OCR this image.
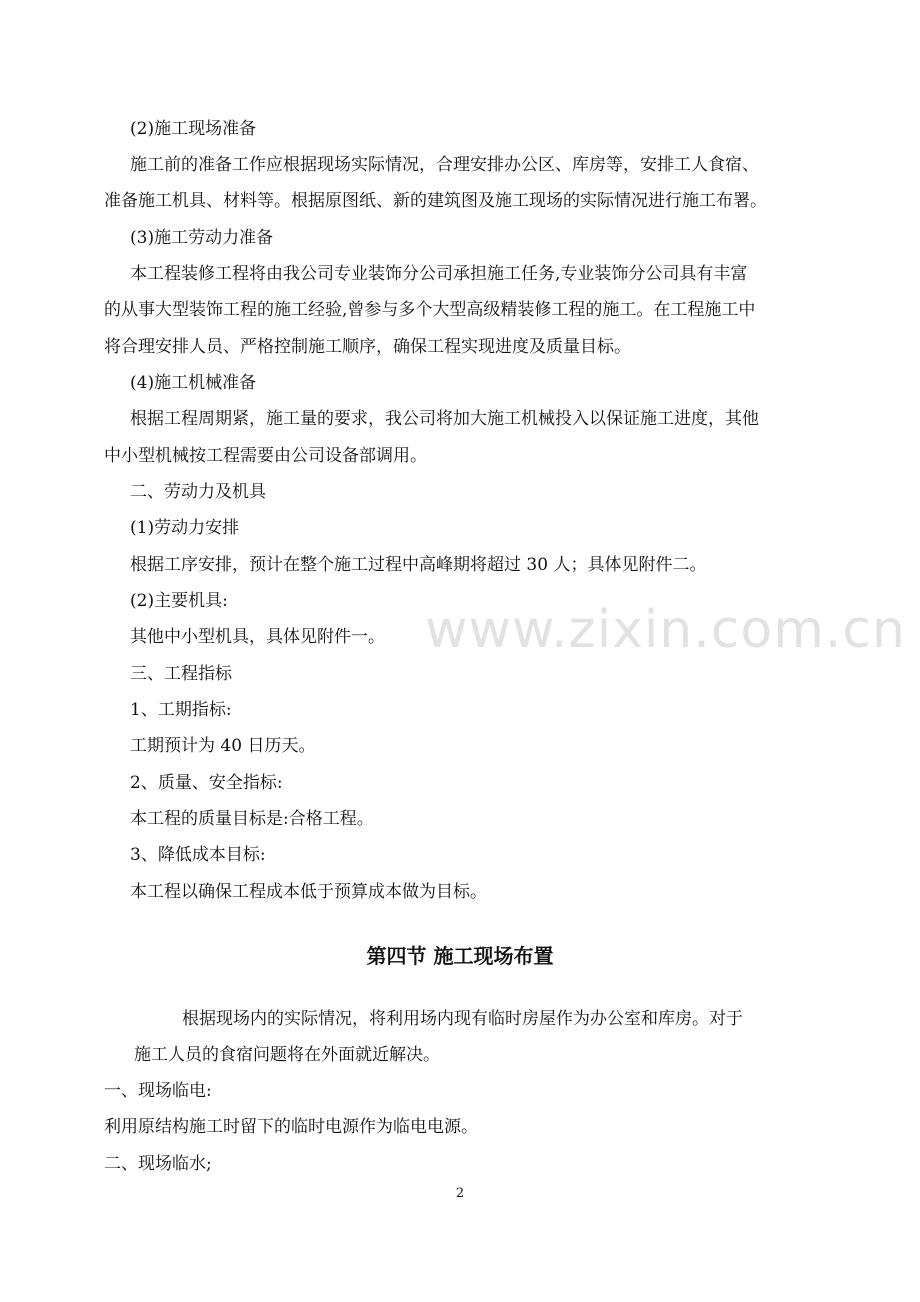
www.zixin.com.cn
(2)施工现场准备
施工前的准备工作应根据现场实际情况，合理安排办公区、库房等，安排工人食宿、
准备施工机具、材料等。根据原图纸、新的建筑图及施工现场的实际情况进行施工布署。
(3)施工劳动力准备
本工程装修工程将由我公司专业装饰分公司承担施工任务,专业装饰分公司具有丰富
的从事大型装饰工程的施工经验,曾参与多个大型高级精装修工程的施工。在工程施工中
将合理安排人员、严格控制施工顺序，确保工程实现进度及质量目标。
(4)施工机械准备
根据工程周期紧，施工量的要求，我公司将加大施工机械投入以保证施工进度，其他
中小型机械按工程需要由公司设备部调用。
二、劳动力及机具
(1)劳动力安排
根据工序安排，预计在整个施工过程中高峰期将超过 30 人；具体见附件二。
(2)主要机具:
其他中小型机具，具体见附件一。
三、工程指标
1、工期指标:
工期预计为 40 日历天。
2、质量、安全指标:
本工程的质量目标是:合格工程。
3、降低成本目标:
本工程以确保工程成本低于预算成本做为目标。
第四节 施工现场布置
根据现场内的实际情况，将利用场内现有临时房屋作为办公室和库房。对于
施工人员的食宿问题将在外面就近解决。
一、现场临电:
利用原结构施工时留下的临时电源作为临电电源。
二、现场临水;
2
